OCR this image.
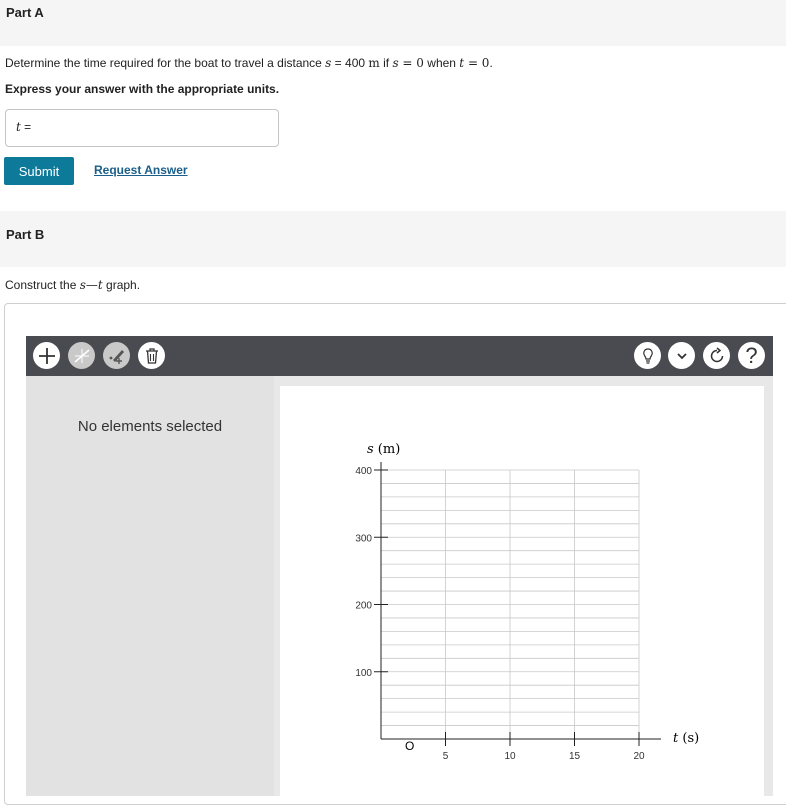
Part A
Determine the time required for the boat to travel a distance s = 400 m if s = 0 when t = 0.
Express your answer with the appropriate units.
t =
Submit	Request Answer
Part B
Construct the s—t graph.
?
No elements selected
5	10	15	20
400
300
200
100
s (m)
t (s)
O
